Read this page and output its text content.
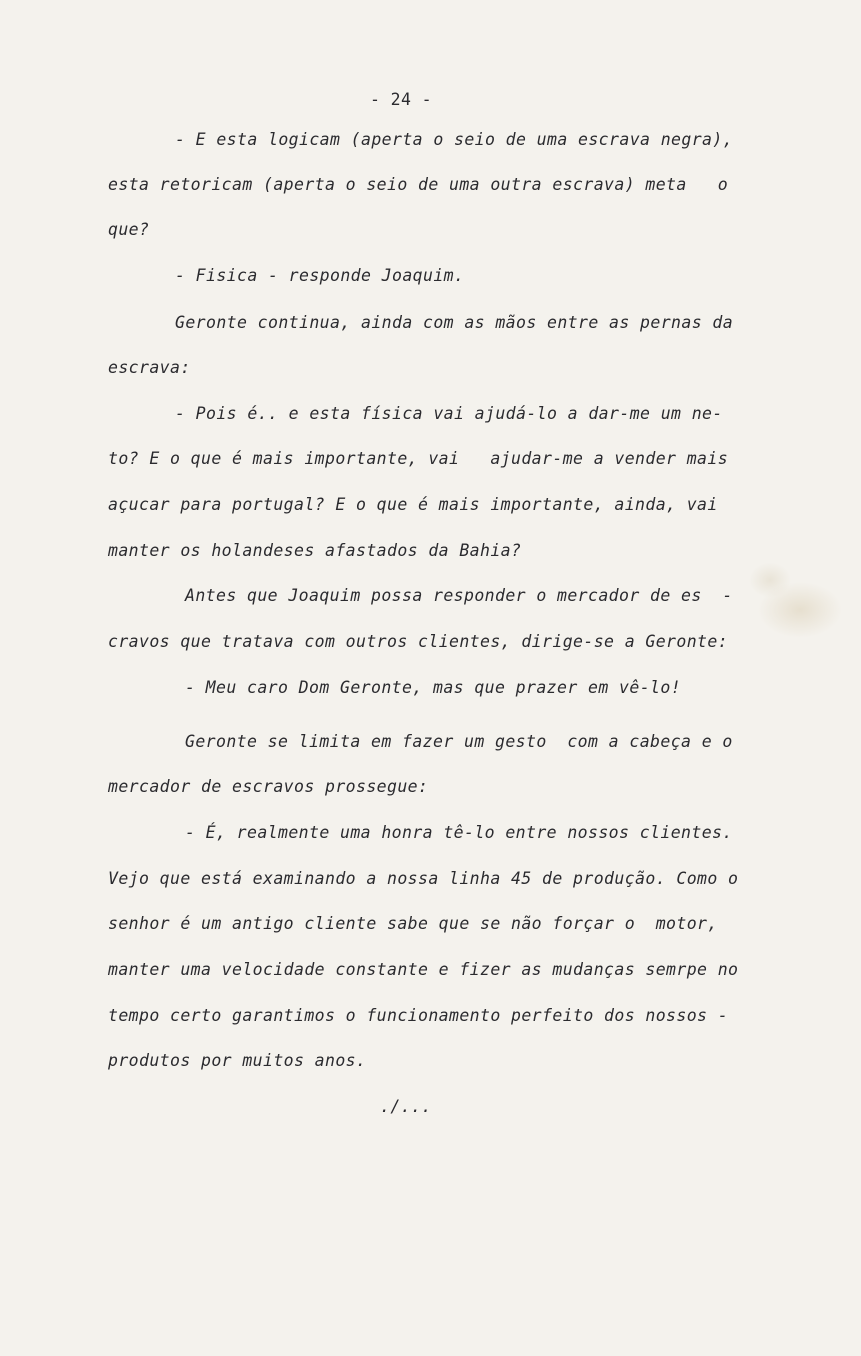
- 24 -
- E esta logicam (aperta o seio de uma escrava negra),
esta retoricam (aperta o seio de uma outra escrava) meta   o
que?
- Fisica - responde Joaquim.
Geronte continua, ainda com as mãos entre as pernas da
escrava:
- Pois é.. e esta física vai ajudá-lo a dar-me um ne-
to? E o que é mais importante, vai   ajudar-me a vender mais
açucar para portugal? E o que é mais importante, ainda, vai
manter os holandeses afastados da Bahia?
Antes que Joaquim possa responder o mercador de es  -
cravos que tratava com outros clientes, dirige-se a Geronte:
- Meu caro Dom Geronte, mas que prazer em vê-lo!
Geronte se limita em fazer um gesto  com a cabeça e o
mercador de escravos prossegue:
- É, realmente uma honra tê-lo entre nossos clientes.
Vejo que está examinando a nossa linha 45 de produção. Como o
senhor é um antigo cliente sabe que se não forçar o  motor,
manter uma velocidade constante e fizer as mudanças semrpe no
tempo certo garantimos o funcionamento perfeito dos nossos -
produtos por muitos anos.
./...
